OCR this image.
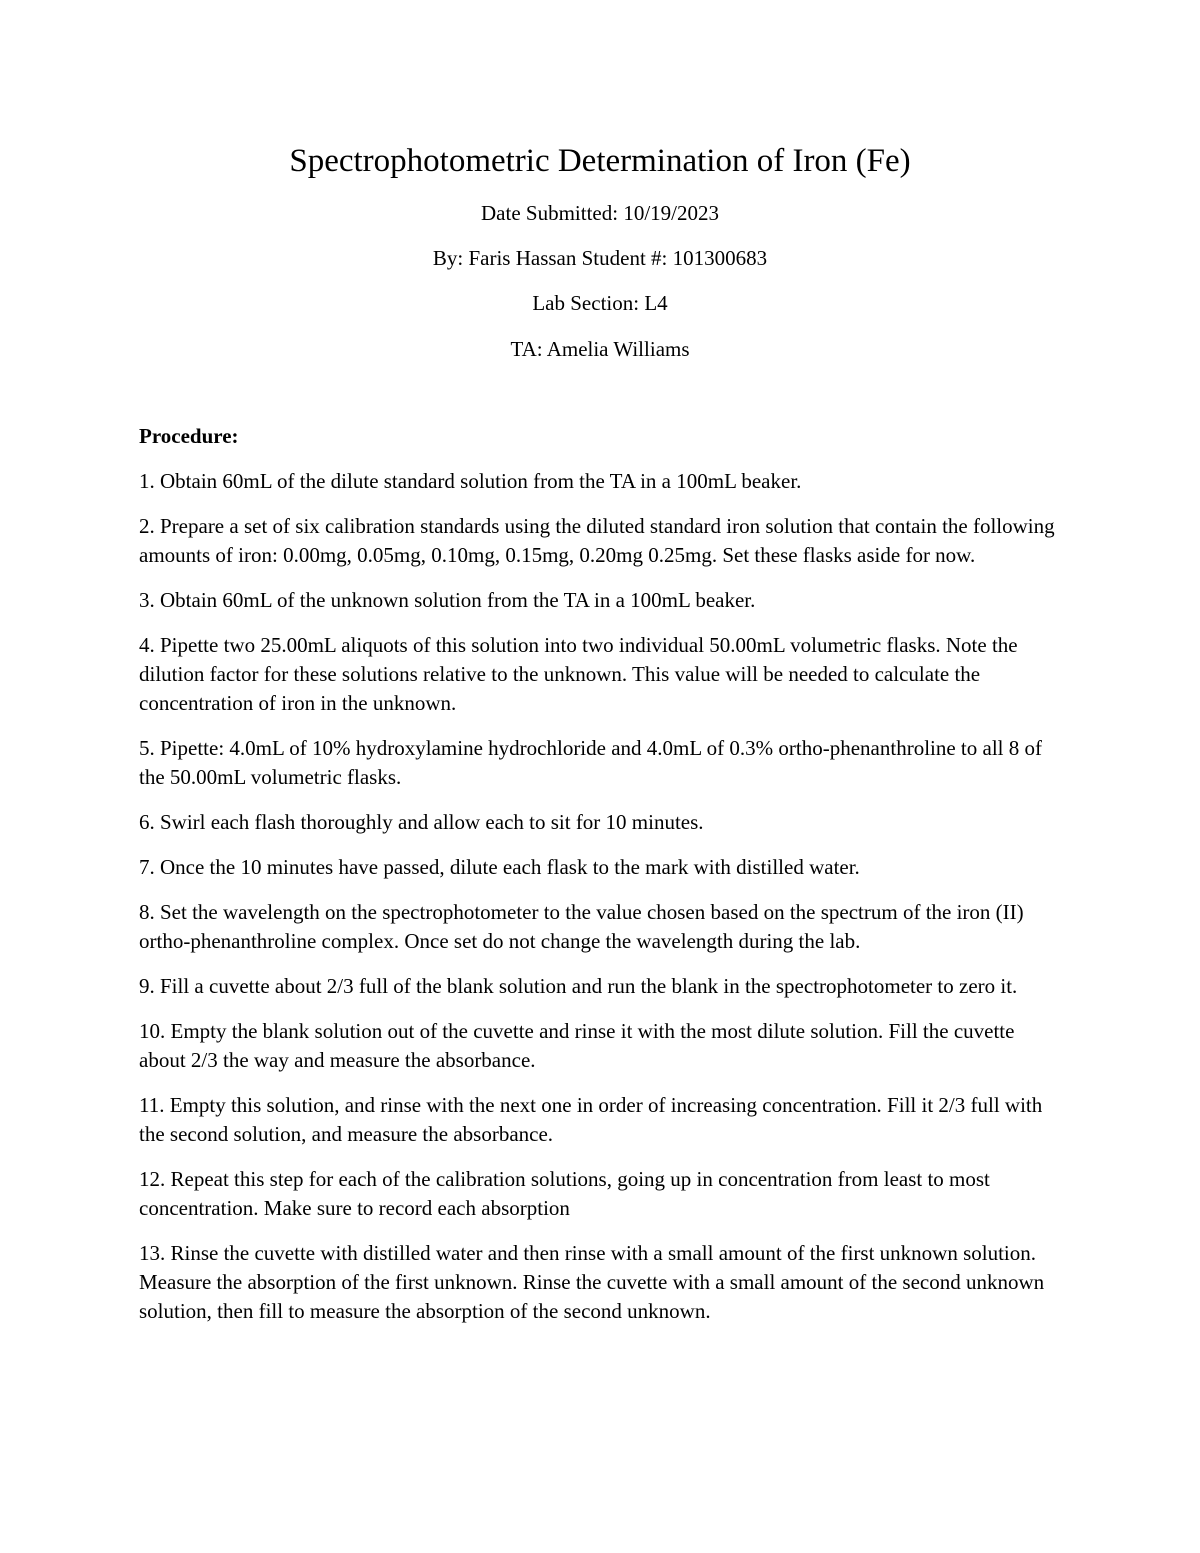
Spectrophotometric Determination of Iron (Fe)

Date Submitted: 10/19/2023

By: Faris Hassan Student #: 101300683

Lab Section: L4

TA: Amelia Williams

Procedure:

1. Obtain 60mL of the dilute standard solution from the TA in a 100mL beaker.
2. Prepare a set of six calibration standards using the diluted standard iron solution that contain the following amounts of iron: 0.00mg, 0.05mg, 0.10mg, 0.15mg, 0.20mg 0.25mg. Set these flasks aside for now.
3. Obtain 60mL of the unknown solution from the TA in a 100mL beaker.
4. Pipette two 25.00mL aliquots of this solution into two individual 50.00mL volumetric flasks. Note the dilution factor for these solutions relative to the unknown. This value will be needed to calculate the concentration of iron in the unknown.
5. Pipette: 4.0mL of 10% hydroxylamine hydrochloride and 4.0mL of 0.3% ortho-phenanthroline to all 8 of the 50.00mL volumetric flasks.
6. Swirl each flash thoroughly and allow each to sit for 10 minutes.
7. Once the 10 minutes have passed, dilute each flask to the mark with distilled water.
8. Set the wavelength on the spectrophotometer to the value chosen based on the spectrum of the iron (II) ortho-phenanthroline complex. Once set do not change the wavelength during the lab.
9. Fill a cuvette about 2/3 full of the blank solution and run the blank in the spectrophotometer to zero it.
10. Empty the blank solution out of the cuvette and rinse it with the most dilute solution. Fill the cuvette about 2/3 the way and measure the absorbance.
11. Empty this solution, and rinse with the next one in order of increasing concentration. Fill it 2/3 full with the second solution, and measure the absorbance.
12. Repeat this step for each of the calibration solutions, going up in concentration from least to most concentration. Make sure to record each absorption
13. Rinse the cuvette with distilled water and then rinse with a small amount of the first unknown solution. Measure the absorption of the first unknown. Rinse the cuvette with a small amount of the second unknown solution, then fill to measure the absorption of the second unknown.
